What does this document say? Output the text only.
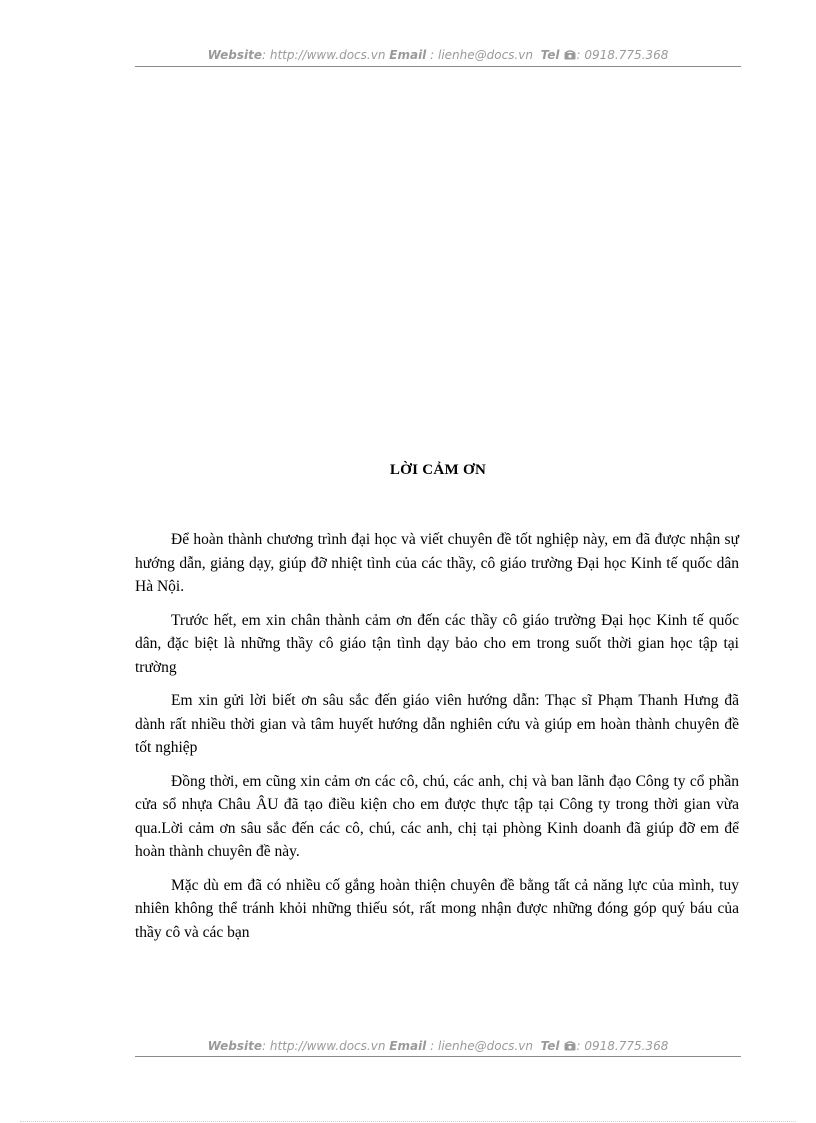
Website: http://www.docs.vn Email : lienhe@docs.vn Tel : 0918.775.368
LỜI CẢM ƠN

Để hoàn thành chương trình đại học và viết chuyên đề tốt nghiệp này, em đã được nhận sự hướng dẫn, giảng dạy, giúp đỡ nhiệt tình của các thầy, cô giáo trường Đại học Kinh tế quốc dân Hà Nội.

Trước hết, em xin chân thành cảm ơn đến các thầy cô giáo trường Đại học Kinh tế quốc dân, đặc biệt là những thầy cô giáo tận tình dạy bảo cho em trong suốt thời gian học tập tại trường

Em xin gửi lời biết ơn sâu sắc đến giáo viên hướng dẫn: Thạc sĩ Phạm Thanh Hưng đã dành rất nhiều thời gian và tâm huyết hướng dẫn nghiên cứu và giúp em hoàn thành chuyên đề tốt nghiệp

Đồng thời, em cũng xin cảm ơn các cô, chú, các anh, chị và ban lãnh đạo Công ty cổ phần cửa sổ nhựa Châu ÂU đã tạo điều kiện cho em được thực tập tại Công ty trong thời gian vừa qua.Lời cảm ơn sâu sắc đến các cô, chú, các anh, chị tại phòng Kinh doanh đã giúp đỡ em để hoàn thành chuyên đề này.

Mặc dù em đã có nhiều cố gắng hoàn thiện chuyên đề bằng tất cả năng lực của mình, tuy nhiên không thể tránh khỏi những thiếu sót, rất mong nhận được những đóng góp quý báu của thầy cô và các bạn

Website: http://www.docs.vn Email : lienhe@docs.vn Tel : 0918.775.368
